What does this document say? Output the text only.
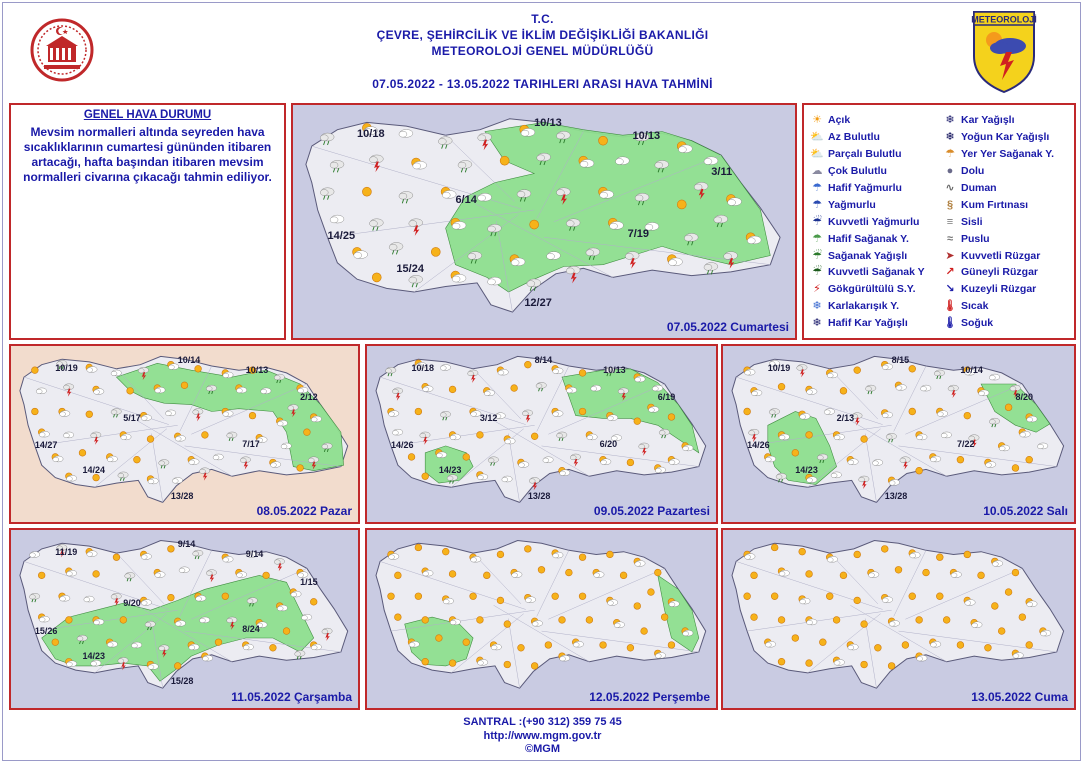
T.C.
ÇEVRE, ŞEHİRCİLİK VE İKLİM DEĞİŞİKLİĞİ BAKANLIĞI
METEOROLOJİ GENEL MÜDÜRLÜĞÜ
07.05.2022 - 13.05.2022 TARIHLERI ARASI HAVA TAHMİNİ
METEOROLOJİ
GENEL HAVA DURUMU

Mevsim normalleri altında seyreden hava sıcaklıklarının cumartesi gününden itibaren artacağı, hafta başından itibaren mevsim normalleri civarına çıkacağı tahmin ediliyor.

☀ Açık
⛅ Az Bulutlu
⛅ Parçalı Bulutlu
☁ Çok Bulutlu
☂ Hafif Yağmurlu
☂ Yağmurlu
☔ Kuvvetli Yağmurlu
☂ Hafif Sağanak Y.
☔ Sağanak Yağışlı
☔ Kuvvetli Sağanak Y
⚡ Gökgürültülü S.Y.
❄ Karlakarışık Y.
❄ Hafif Kar Yağışlı
❄ Kar Yağışlı
❄ Yoğun Kar Yağışlı
☂ Yer Yer Sağanak Y.
● Dolu
∿ Duman
§ Kum Fırtınası
≡ Sisli
≈ Puslu
➤ Kuvvetli Rüzgar
↗ Güneyli Rüzgar
↘ Kuzeyli Rüzgar
🌡 Sıcak
🌡 Soğuk
10/18
10/13
10/13
3/11
6/14
14/25	7/19
15/24
12/27
07.05.2022 Cumartesi
10/19
10/14
10/13
2/12
5/17
14/27	7/17
14/24
13/28
08.05.2022 Pazar
10/18
8/14
10/13
6/19
3/12
14/26	6/20
14/23
13/28
09.05.2022 Pazartesi
10/19
8/15
10/14
8/20
2/13
14/26	7/22
14/23
13/28
10.05.2022 Salı
11/19
9/14
9/14
1/15
9/20
15/26	8/24
14/23
15/28
11.05.2022 Çarşamba	12.05.2022 Perşembe	13.05.2022 Cuma
SANTRAL :(+90 312) 359 75 45
http://www.mgm.gov.tr
©MGM
